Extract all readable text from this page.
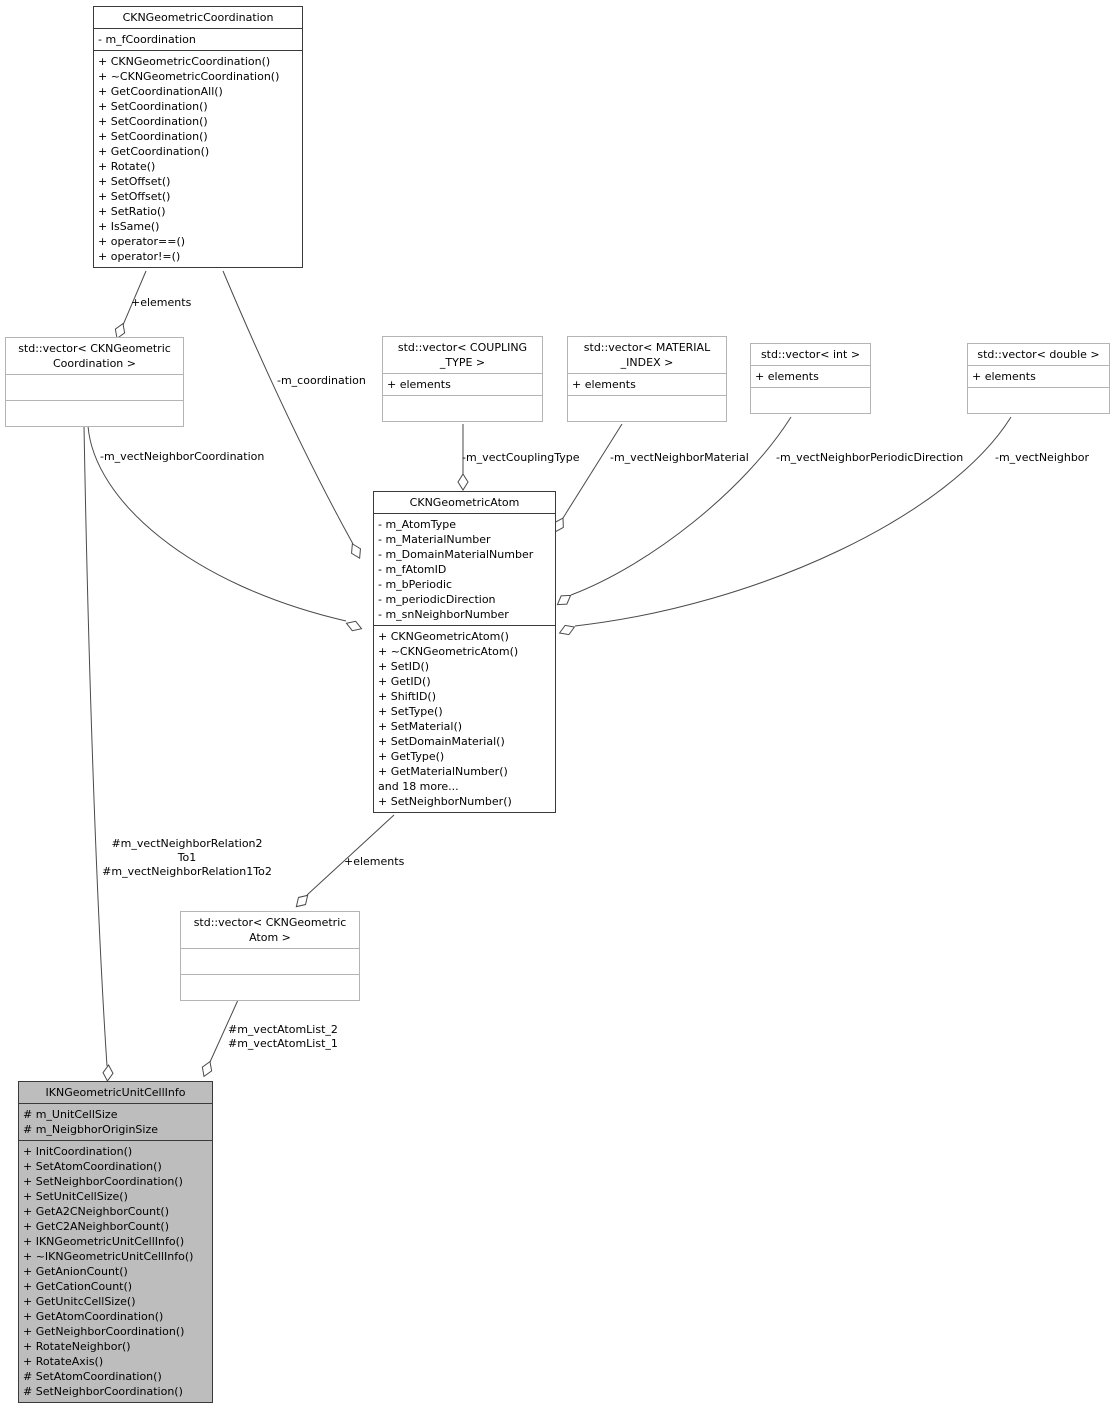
CKNGeometricCoordination
- m_fCoordination
+ CKNGeometricCoordination()
+ ~CKNGeometricCoordination()
+ GetCoordinationAll()
+ SetCoordination()
+ SetCoordination()
+ SetCoordination()
+ GetCoordination()
+ Rotate()
+ SetOffset()
+ SetOffset()
+ SetRatio()
+ IsSame()
+ operator==()
+ operator!=()
std::vector< CKNGeometric
Coordination >
std::vector< COUPLING
_TYPE >
+ elements
std::vector< MATERIAL
_INDEX >
+ elements
std::vector< int >
+ elements
std::vector< double >
+ elements
CKNGeometricAtom
- m_AtomType
- m_MaterialNumber
- m_DomainMaterialNumber
- m_fAtomID
- m_bPeriodic
- m_periodicDirection
- m_snNeighborNumber
+ CKNGeometricAtom()
+ ~CKNGeometricAtom()
+ SetID()
+ GetID()
+ ShiftID()
+ SetType()
+ SetMaterial()
+ SetDomainMaterial()
+ GetType()
+ GetMaterialNumber()
and 18 more...
+ SetNeighborNumber()
std::vector< CKNGeometric
Atom >
IKNGeometricUnitCellInfo
# m_UnitCellSize
# m_NeigbhorOriginSize
+ InitCoordination()
+ SetAtomCoordination()
+ SetNeighborCoordination()
+ SetUnitCellSize()
+ GetA2CNeighborCount()
+ GetC2ANeighborCount()
+ IKNGeometricUnitCellInfo()
+ ~IKNGeometricUnitCellInfo()
+ GetAnionCount()
+ GetCationCount()
+ GetUnitcCellSize()
+ GetAtomCoordination()
+ GetNeighborCoordination()
+ RotateNeighbor()
+ RotateAxis()
# SetAtomCoordination()
# SetNeighborCoordination()
+elements
-m_coordination
-m_vectNeighborCoordination	-m_vectCouplingType	-m_vectNeighborMaterial -m_vectNeighborPeriodicDirection	-m_vectNeighbor
#m_vectNeighborRelation2
To1
#m_vectNeighborRelation1To2
+elements
#m_vectAtomList_2
#m_vectAtomList_1
